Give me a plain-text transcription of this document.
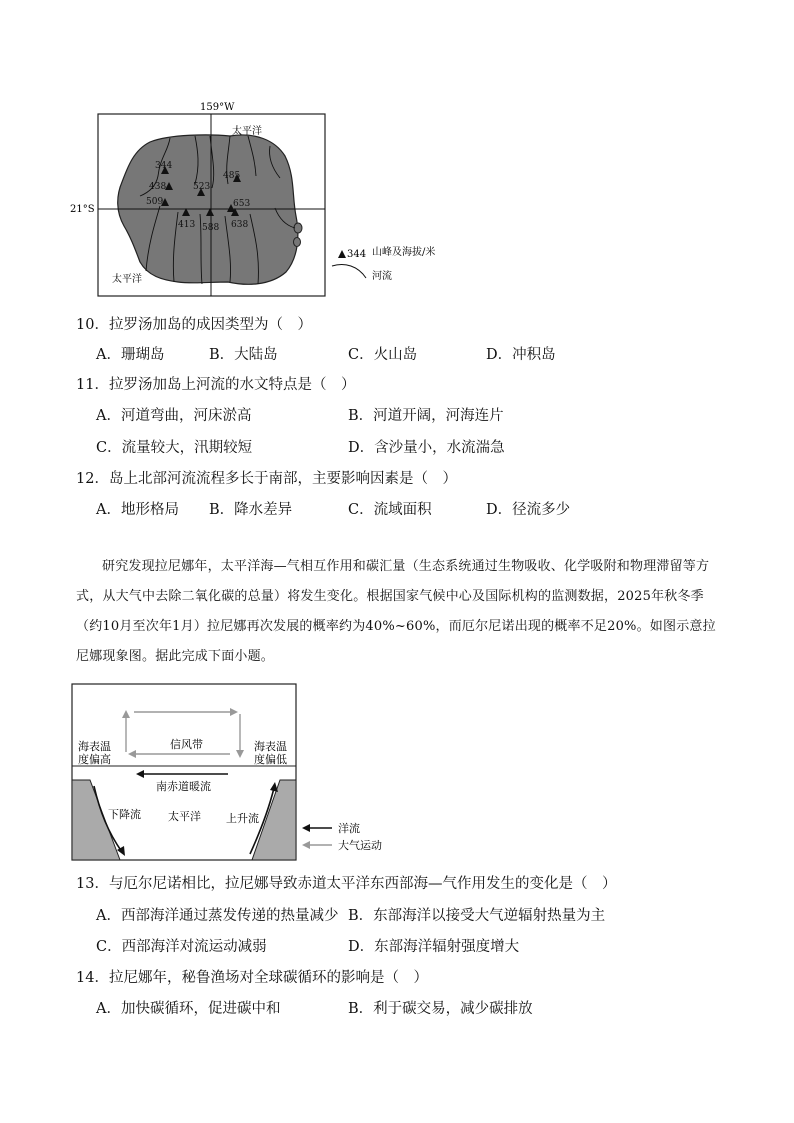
159°W
21°S
344
438
509
523
485
653
413 588 638
太平洋
太平洋
344 山峰及海拔/米
河流
10．拉罗汤加岛的成因类型为（　）
A．珊瑚岛	B．大陆岛	C．火山岛	D．冲积岛
11．拉罗汤加岛上河流的水文特点是（　）
A．河道弯曲，河床淤高	B．河道开阔，河海连片
C．流量较大，汛期较短	D．含沙量小，水流湍急
12．岛上北部河流流程多长于南部，主要影响因素是（　）
A．地形格局 B．降水差异	C．流域面积	D．径流多少

研究发现拉尼娜年，太平洋海—气相互作用和碳汇量（生态系统通过生物吸收、化学吸附和物理滞留等方式，从大气中去除二氧化碳的总量）将发生变化。根据国家气候中心及国际机构的监测数据，2025年秋冬季（约10月至次年1月）拉尼娜再次发展的概率约为40%~60%，而厄尔尼诺出现的概率不足20%。如图示意拉尼娜现象图。据此完成下面小题。

信风带
海表温
度偏高
海表温
度偏低
南赤道暖流
下降流 太平洋 上升流
洋流
大气运动
13．与厄尔尼诺相比，拉尼娜导致赤道太平洋东西部海—气作用发生的变化是（　）
A．西部海洋通过蒸发传递的热量减少 B．东部海洋以接受大气逆辐射热量为主
C．西部海洋对流运动减弱	D．东部海洋辐射强度增大
14．拉尼娜年，秘鲁渔场对全球碳循环的影响是（　）
A．加快碳循环，促进碳中和	B．利于碳交易，减少碳排放
